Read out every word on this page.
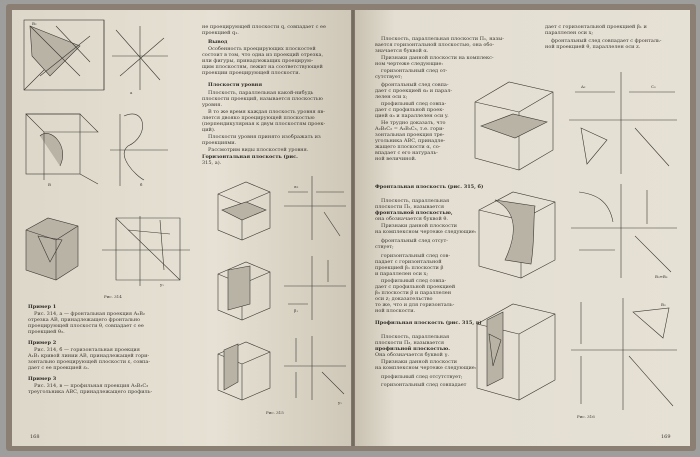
B₂
a
B	б
y₁
Рис. 314
Пример 1
Рис. 314, а — фронтальная проекция A₂B₂
отрезка AB, принадлежащего фронтально
проецирующей плоскости θ, совпадает с ее
проекцией θ₂.
Пример 2
Рис. 314, б — горизонтальная проекция
A₁B₁ кривой линии AB, принадлежащей гори-
зонтально проецирующей плоскости ε, совпа-
дает с ее проекцией ε₁.
Пример 3
Рис. 314, в — профильная проекция A₃B₃C₃
треугольника ABC, принадлежащего профиль-
168
не проецирующей плоскости q, совпадает с ее
проекцией q₁.
Вывод
Особенность проецирующих плоскостей
состоит в том, что одна из проекций отрезка,
или фигуры, принадлежащих проецирую-
щим плоскостям, лежит на соответствующей
проекции проецирующей плоскости.
Плоскости уровня
Плоскость, параллельная какой-нибудь
плоскости проекций, называется плоскостью
уровня.
В то же время каждая плоскость уровня яв-
ляется двояко проецирующей плоскостью
(перпендикулярная к двум плоскостям проек-
ций).
Плоскости уровня принято изображать из
проекциями.
Рассмотрим виды плоскостей уровня.
Горизонтальная плоскость (рис.
315, а).
α₂
β₁
y₁
Рис. 315
Плоскость, параллельная плоскости П₁, назы-
вается горизонтальной плоскостью, она обо-
значается буквой α.
Признаки данной плоскости на комплекс-
ном чертеже следующие:
горизонтальный след от-
сутствует;
фронтальный след совпа-
дает с проекцией α₂ и парал-
лелен оси x;
профильный след совпа-
дает с профильной проек-
цией α₃ и параллелен оси y.
Не трудно доказать, что
A₂B₂C₂ = A₃B₃C₃, т.е. гори-
зонтальная проекция тре-
угольника ABC, принадле-
жащего плоскости α, со-
впадает с его натураль-
ной величиной.
дает с горизонтальной проекцией β₁ и
параллелен оси x;
фронтальный след совпадает с фронталь-
ной проекцией θ, параллелен оси z.
A₂	C₃
Фронтальная плоскость (рис. 315, б)
Плоскость, параллельная
плоскости П₂, называется
фронтальной плоскостью,
она обозначается буквой θ.
Признаки данной плоскости
на комплексном чертеже следующие:
фронтальный след отсут-
ствует;
горизонтальный след сов-
падает с горизонтальной
проекцией β₁ плоскости β
и параллелен оси x;
профильный след совпа-
дает с профильной проекцией
β₃ плоскости β и параллелен
оси z; доказательство
то же, что и для горизонталь-
ной плоскости.
B₃≡B₃
Профильная плоскость (рис. 315, в)
Плоскость, параллельная
плоскости П₃, называется
профильной плоскостью.
Она обозначается буквой γ.
Признаки данной плоскости
на комплексном чертеже следующие:
профильный след отсутствует;
горизонтальный след совпадает
B₃
Рис. 316
169
